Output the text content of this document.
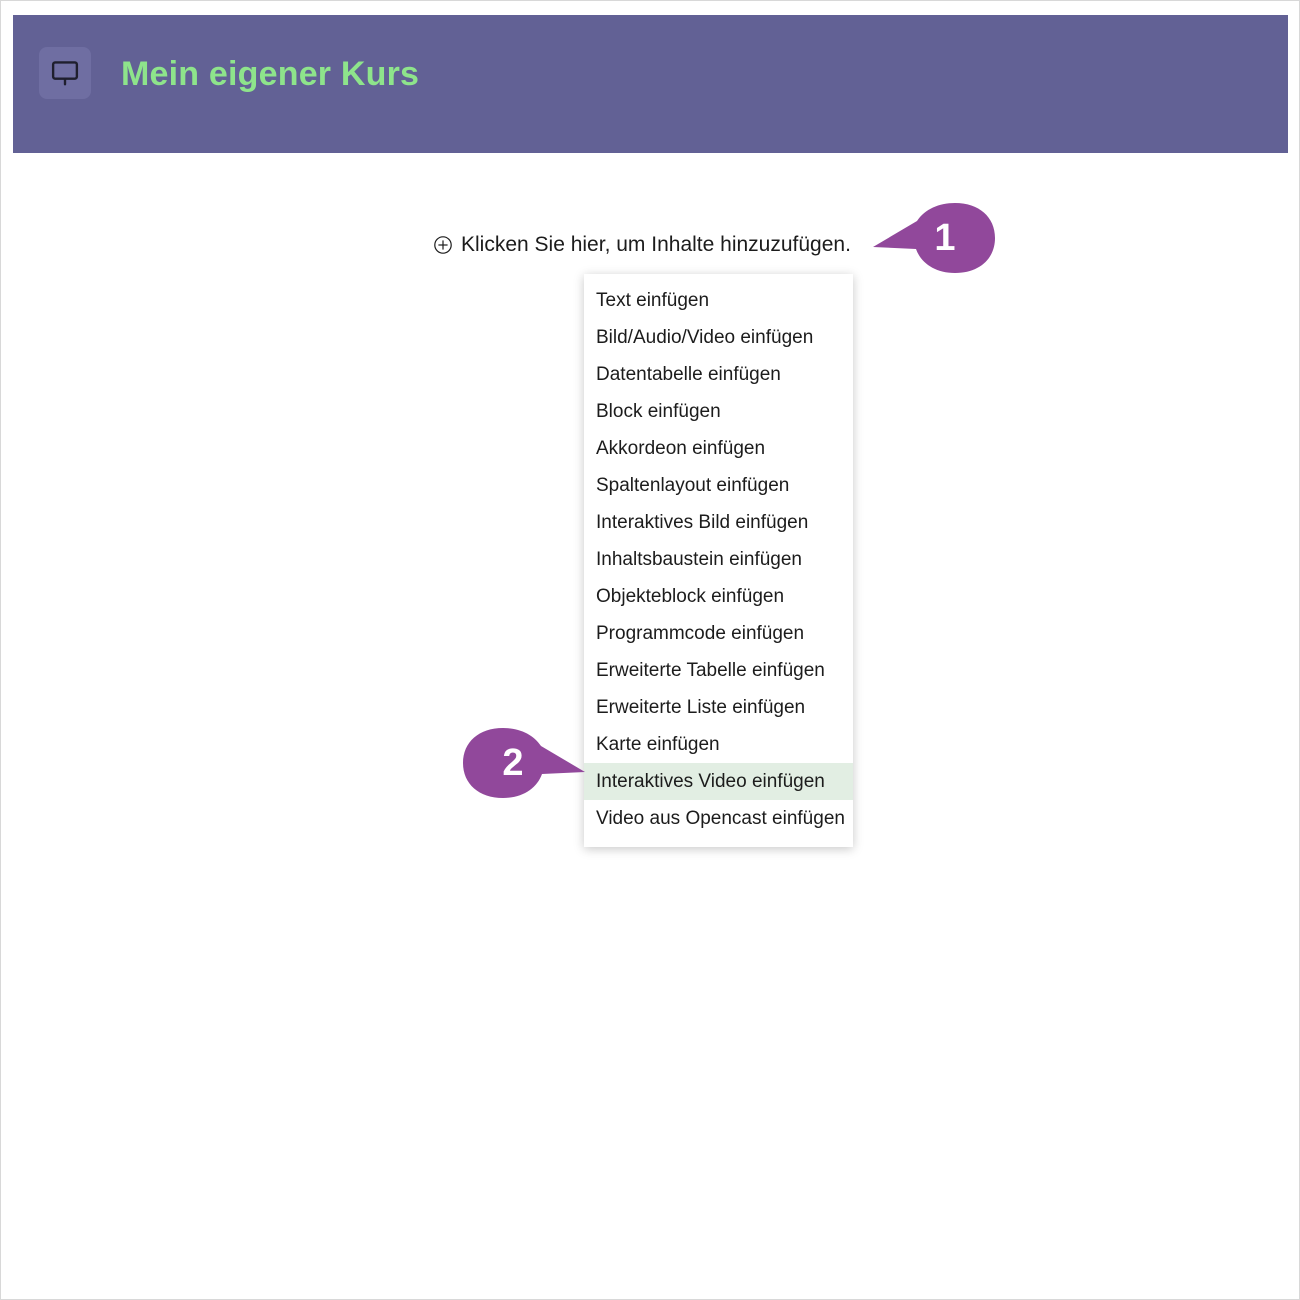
Mein eigener Kurs
Klicken Sie hier, um Inhalte hinzuzufügen.
Text einfügen
Bild/Audio/Video einfügen
Datentabelle einfügen
Block einfügen
Akkordeon einfügen
Spaltenlayout einfügen
Interaktives Bild einfügen
Inhaltsbaustein einfügen
Objekteblock einfügen
Programmcode einfügen
Erweiterte Tabelle einfügen
Erweiterte Liste einfügen
Karte einfügen
Interaktives Video einfügen
Video aus Opencast einfügen
1
2
